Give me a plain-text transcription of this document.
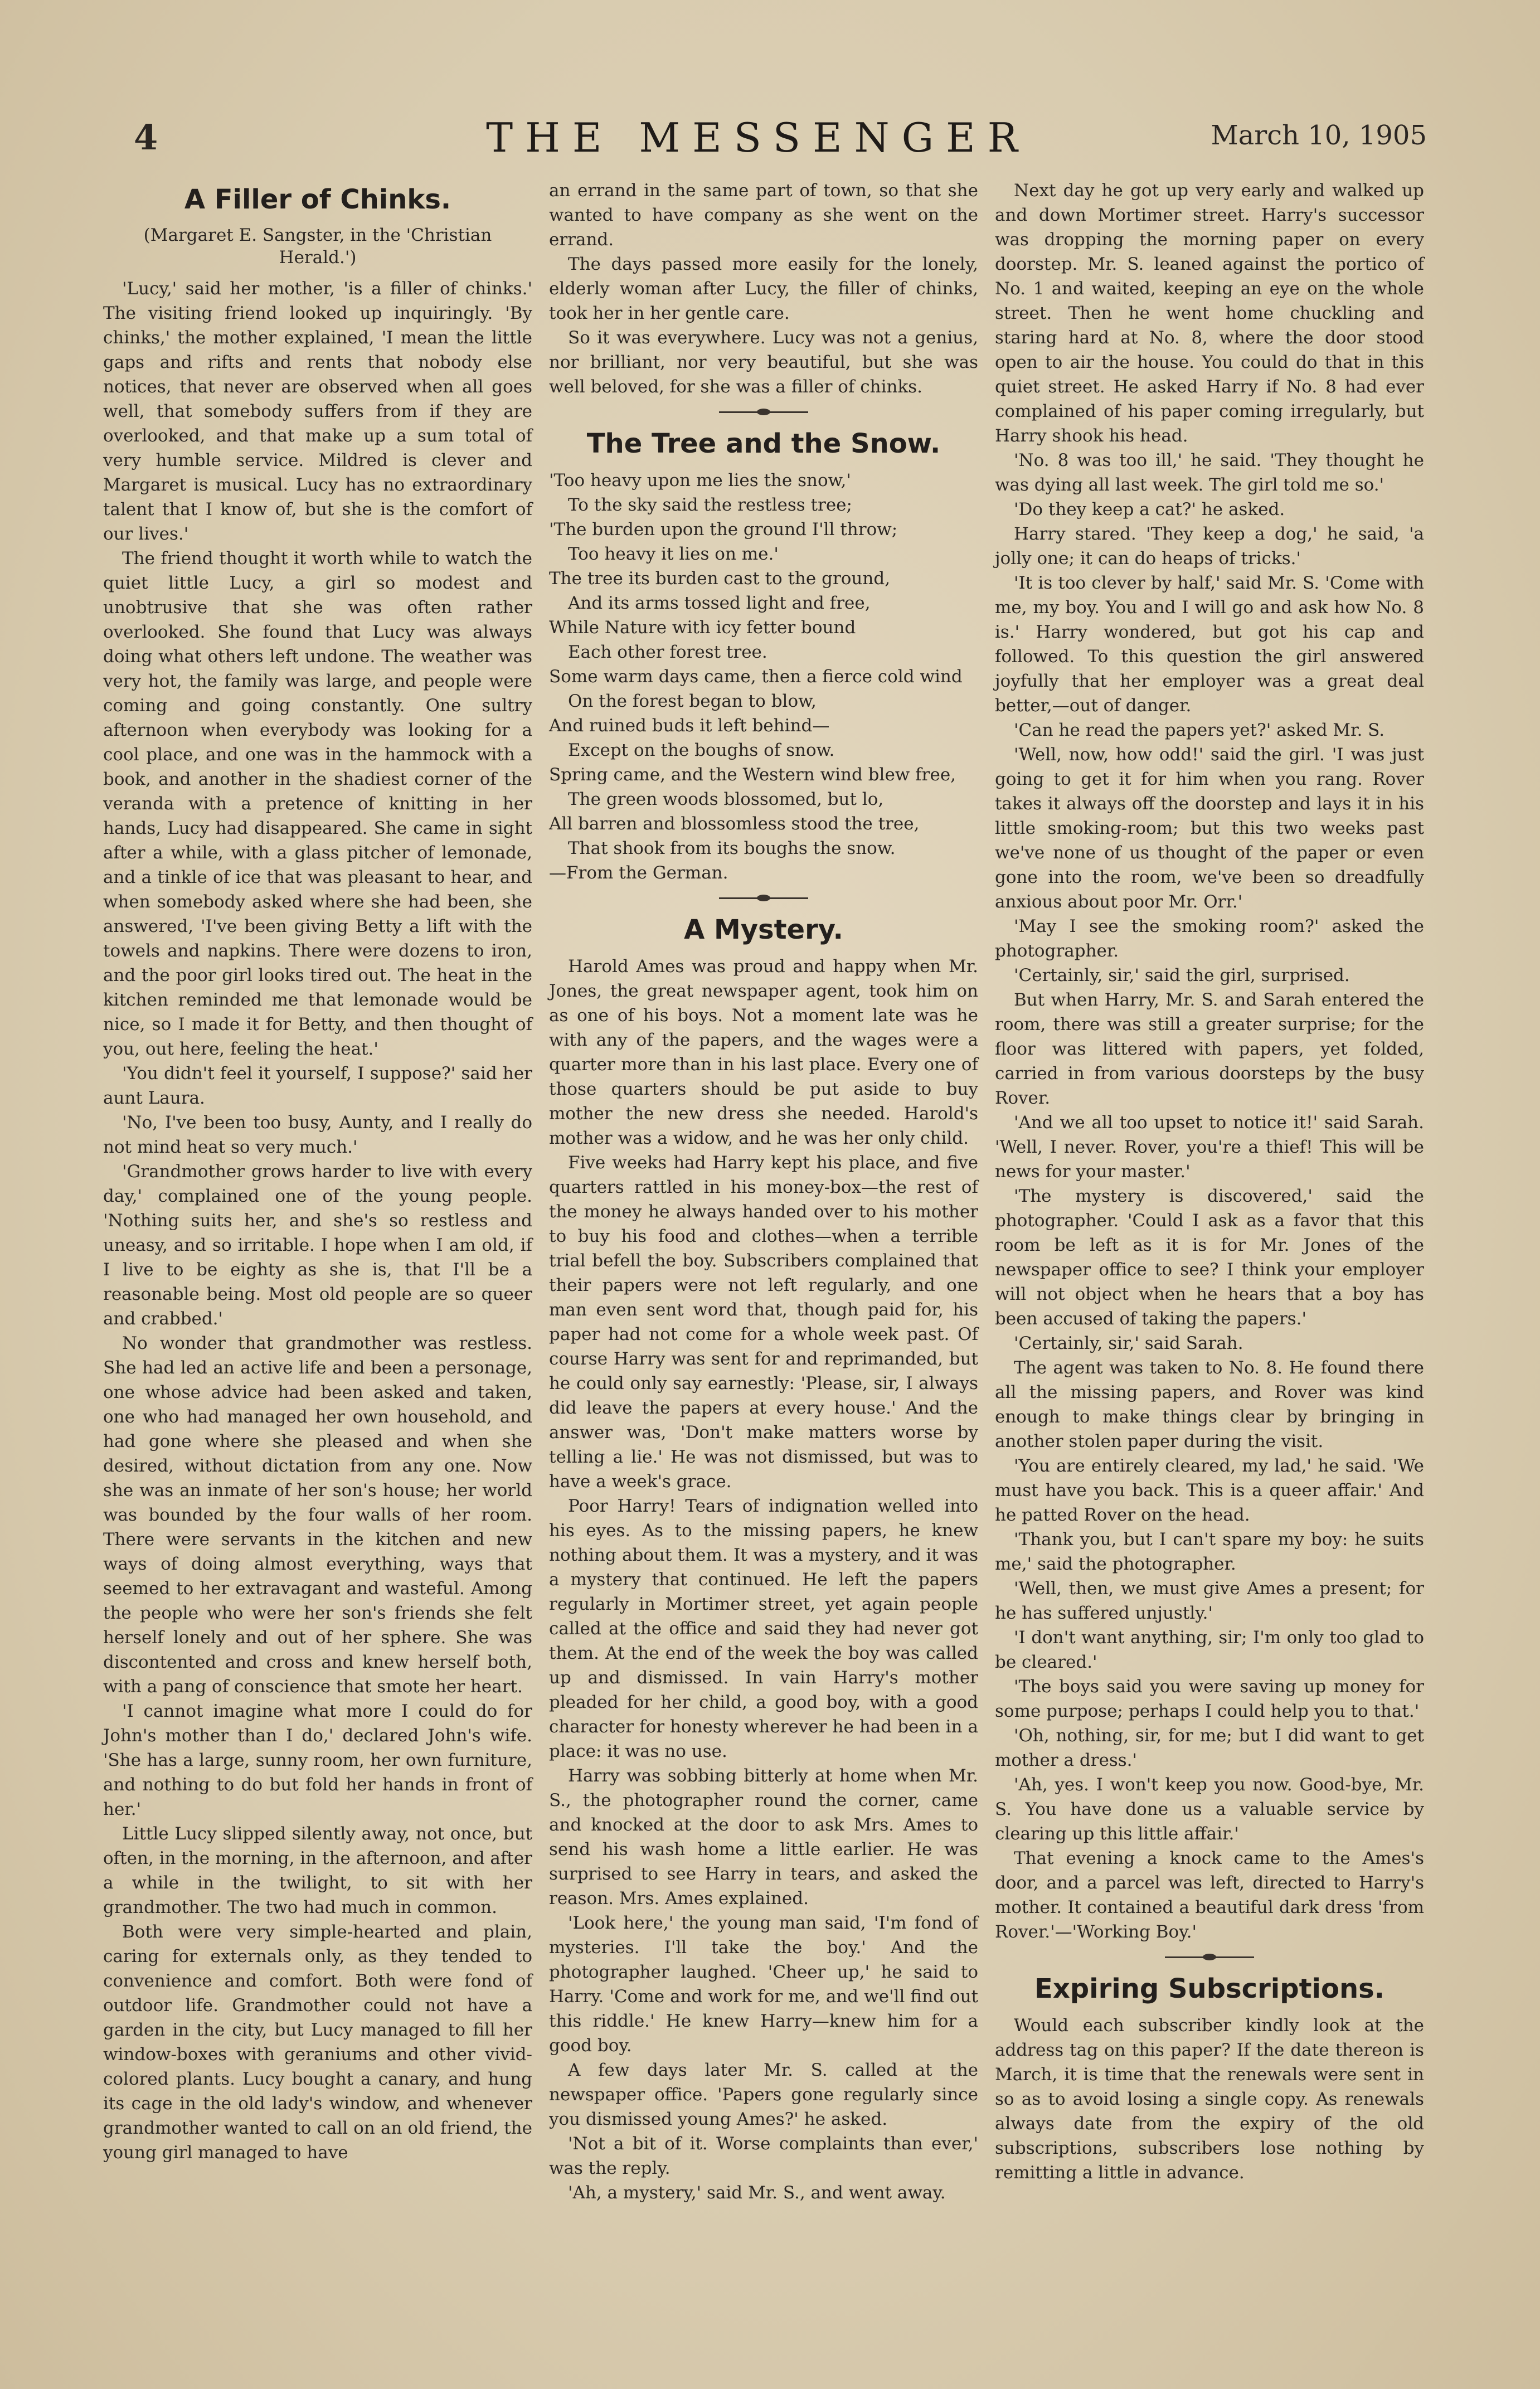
4	THE MESSENGER	March 10, 1905
A Filler of Chinks.
(Margaret E. Sangster, in the 'Christian Herald.')

'Lucy,' said her mother, 'is a filler of chinks.' The visiting friend looked up inquiringly. 'By chinks,' the mother explained, 'I mean the little gaps and rifts and rents that nobody else notices, that never are observed when all goes well, that somebody suffers from if they are overlooked, and that make up a sum total of very humble service. Mildred is clever and Margaret is musical. Lucy has no extraordinary talent that I know of, but she is the comfort of our lives.'

The friend thought it worth while to watch the quiet little Lucy, a girl so modest and unobtrusive that she was often rather overlooked. She found that Lucy was always doing what others left undone. The weather was very hot, the family was large, and people were coming and going constantly. One sultry afternoon when everybody was looking for a cool place, and one was in the hammock with a book, and another in the shadiest corner of the veranda with a pretence of knitting in her hands, Lucy had disappeared. She came in sight after a while, with a glass pitcher of lemonade, and a tinkle of ice that was pleasant to hear, and when somebody asked where she had been, she answered, 'I've been giving Betty a lift with the towels and napkins. There were dozens to iron, and the poor girl looks tired out. The heat in the kitchen reminded me that lemonade would be nice, so I made it for Betty, and then thought of you, out here, feeling the heat.'

'You didn't feel it yourself, I suppose?' said her aunt Laura.

'No, I've been too busy, Aunty, and I really do not mind heat so very much.'

'Grandmother grows harder to live with every day,' complained one of the young people. 'Nothing suits her, and she's so restless and uneasy, and so irritable. I hope when I am old, if I live to be eighty as she is, that I'll be a reasonable being. Most old people are so queer and crabbed.'

No wonder that grandmother was restless. She had led an active life and been a personage, one whose advice had been asked and taken, one who had managed her own household, and had gone where she pleased and when she desired, without dictation from any one. Now she was an inmate of her son's house; her world was bounded by the four walls of her room. There were servants in the kitchen and new ways of doing almost everything, ways that seemed to her extravagant and wasteful. Among the people who were her son's friends she felt herself lonely and out of her sphere. She was discontented and cross and knew herself both, with a pang of conscience that smote her heart.

'I cannot imagine what more I could do for John's mother than I do,' declared John's wife. 'She has a large, sunny room, her own furniture, and nothing to do but fold her hands in front of her.'

Little Lucy slipped silently away, not once, but often, in the morning, in the afternoon, and after a while in the twilight, to sit with her grandmother. The two had much in common.

Both were very simple-hearted and plain, caring for externals only, as they tended to convenience and comfort. Both were fond of outdoor life. Grandmother could not have a garden in the city, but Lucy managed to fill her window-boxes with geraniums and other vivid-colored plants. Lucy bought a canary, and hung its cage in the old lady's window, and whenever grandmother wanted to call on an old friend, the young girl managed to have

an errand in the same part of town, so that she wanted to have company as she went on the errand.

The days passed more easily for the lonely, elderly woman after Lucy, the filler of chinks, took her in her gentle care.

So it was everywhere. Lucy was not a genius, nor brilliant, nor very beautiful, but she was well beloved, for she was a filler of chinks.

The Tree and the Snow.
'Too heavy upon me lies the snow,'
To the sky said the restless tree;
'The burden upon the ground I'll throw;
Too heavy it lies on me.'
The tree its burden cast to the ground,
And its arms tossed light and free,
While Nature with icy fetter bound
Each other forest tree.
Some warm days came, then a fierce cold wind
On the forest began to blow,
And ruined buds it left behind—
Except on the boughs of snow.
Spring came, and the Western wind blew free,
The green woods blossomed, but lo,
All barren and blossomless stood the tree,
That shook from its boughs the snow.
—From the German.
A Mystery.

Harold Ames was proud and happy when Mr. Jones, the great newspaper agent, took him on as one of his boys. Not a moment late was he with any of the papers, and the wages were a quarter more than in his last place. Every one of those quarters should be put aside to buy mother the new dress she needed. Harold's mother was a widow, and he was her only child.

Five weeks had Harry kept his place, and five quarters rattled in his money-box—the rest of the money he always handed over to his mother to buy his food and clothes—when a terrible trial befell the boy. Subscribers complained that their papers were not left regularly, and one man even sent word that, though paid for, his paper had not come for a whole week past. Of course Harry was sent for and reprimanded, but he could only say earnestly: 'Please, sir, I always did leave the papers at every house.' And the answer was, 'Don't make matters worse by telling a lie.' He was not dismissed, but was to have a week's grace.

Poor Harry! Tears of indignation welled into his eyes. As to the missing papers, he knew nothing about them. It was a mystery, and it was a mystery that continued. He left the papers regularly in Mortimer street, yet again people called at the office and said they had never got them. At the end of the week the boy was called up and dismissed. In vain Harry's mother pleaded for her child, a good boy, with a good character for honesty wherever he had been in a place: it was no use.

Harry was sobbing bitterly at home when Mr. S., the photographer round the corner, came and knocked at the door to ask Mrs. Ames to send his wash home a little earlier. He was surprised to see Harry in tears, and asked the reason. Mrs. Ames explained.

'Look here,' the young man said, 'I'm fond of mysteries. I'll take the boy.' And the photographer laughed. 'Cheer up,' he said to Harry. 'Come and work for me, and we'll find out this riddle.' He knew Harry—knew him for a good boy.

A few days later Mr. S. called at the newspaper office. 'Papers gone regularly since you dismissed young Ames?' he asked.

'Not a bit of it. Worse complaints than ever,' was the reply.

'Ah, a mystery,' said Mr. S., and went away.

Next day he got up very early and walked up and down Mortimer street. Harry's successor was dropping the morning paper on every doorstep. Mr. S. leaned against the portico of No. 1 and waited, keeping an eye on the whole street. Then he went home chuckling and staring hard at No. 8, where the door stood open to air the house. You could do that in this quiet street. He asked Harry if No. 8 had ever complained of his paper coming irregularly, but Harry shook his head.

'No. 8 was too ill,' he said. 'They thought he was dying all last week. The girl told me so.'

'Do they keep a cat?' he asked.

Harry stared. 'They keep a dog,' he said, 'a jolly one; it can do heaps of tricks.'

'It is too clever by half,' said Mr. S. 'Come with me, my boy. You and I will go and ask how No. 8 is.' Harry wondered, but got his cap and followed. To this question the girl answered joyfully that her employer was a great deal better,—out of danger.

'Can he read the papers yet?' asked Mr. S.

'Well, now, how odd!' said the girl. 'I was just going to get it for him when you rang. Rover takes it always off the doorstep and lays it in his little smoking-room; but this two weeks past we've none of us thought of the paper or even gone into the room, we've been so dreadfully anxious about poor Mr. Orr.'

'May I see the smoking room?' asked the photographer.

'Certainly, sir,' said the girl, surprised.

But when Harry, Mr. S. and Sarah entered the room, there was still a greater surprise; for the floor was littered with papers, yet folded, carried in from various doorsteps by the busy Rover.

'And we all too upset to notice it!' said Sarah. 'Well, I never. Rover, you're a thief! This will be news for your master.'

'The mystery is discovered,' said the photographer. 'Could I ask as a favor that this room be left as it is for Mr. Jones of the newspaper office to see? I think your employer will not object when he hears that a boy has been accused of taking the papers.'

'Certainly, sir,' said Sarah.

The agent was taken to No. 8. He found there all the missing papers, and Rover was kind enough to make things clear by bringing in another stolen paper during the visit.

'You are entirely cleared, my lad,' he said. 'We must have you back. This is a queer affair.' And he patted Rover on the head.

'Thank you, but I can't spare my boy: he suits me,' said the photographer.

'Well, then, we must give Ames a present; for he has suffered unjustly.'

'I don't want anything, sir; I'm only too glad to be cleared.'

'The boys said you were saving up money for some purpose; perhaps I could help you to that.'

'Oh, nothing, sir, for me; but I did want to get mother a dress.'

'Ah, yes. I won't keep you now. Good-bye, Mr. S. You have done us a valuable service by clearing up this little affair.'

That evening a knock came to the Ames's door, and a parcel was left, directed to Harry's mother. It contained a beautiful dark dress 'from Rover.'—'Working Boy.'

Expiring Subscriptions.

Would each subscriber kindly look at the address tag on this paper? If the date thereon is March, it is time that the renewals were sent in so as to avoid losing a single copy. As renewals always date from the expiry of the old subscriptions, subscribers lose nothing by remitting a little in advance.
